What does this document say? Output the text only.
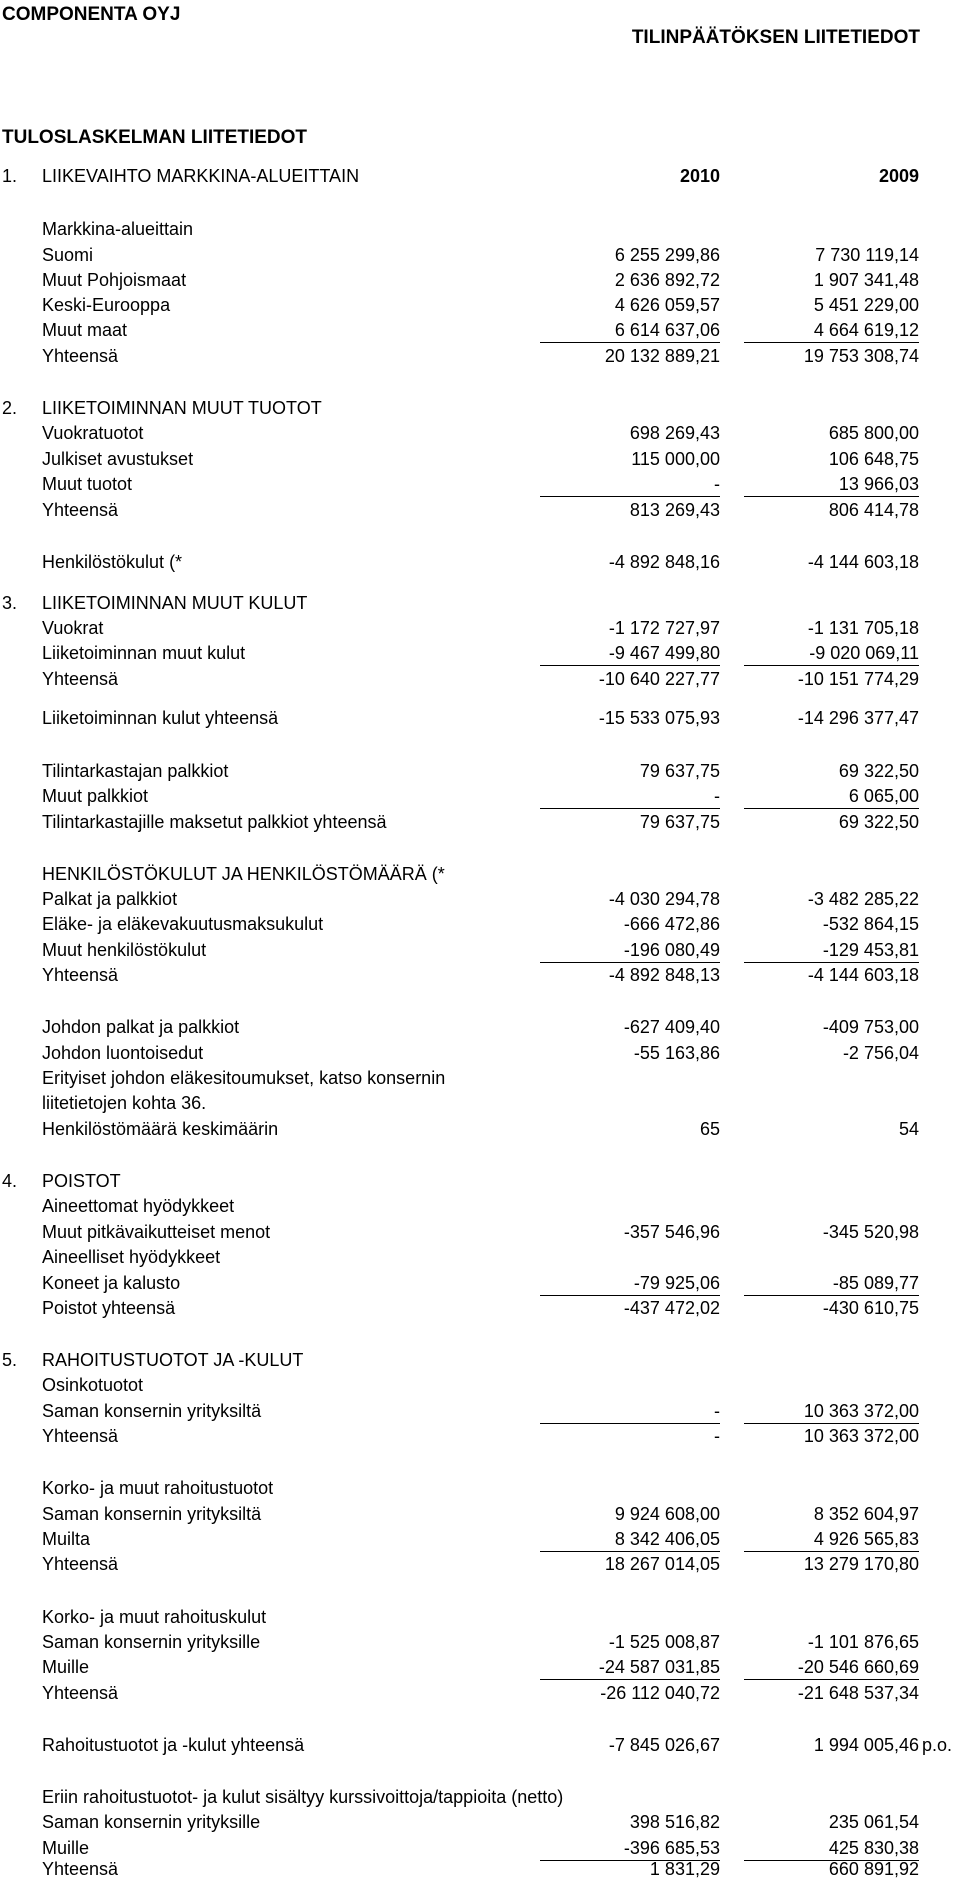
COMPONENTA OYJ
TILINPÄÄTÖKSEN LIITETIEDOT
TULOSLASKELMAN LIITETIEDOT
1.	LIIKEVAIHTO MARKKINA-ALUEITTAIN	2010	2009
Markkina-alueittain
Suomi	6 255 299,86	7 730 119,14
Muut Pohjoismaat	2 636 892,72	1 907 341,48
Keski-Eurooppa	4 626 059,57	5 451 229,00
Muut maat	6 614 637,06	4 664 619,12
Yhteensä	20 132 889,21	19 753 308,74
2.	LIIKETOIMINNAN MUUT TUOTOT
Vuokratuotot	698 269,43	685 800,00
Julkiset avustukset	115 000,00	106 648,75
Muut tuotot	-	13 966,03
Yhteensä	813 269,43	806 414,78
Henkilöstökulut (*	-4 892 848,16	-4 144 603,18
3.	LIIKETOIMINNAN MUUT KULUT
Vuokrat	-1 172 727,97	-1 131 705,18
Liiketoiminnan muut kulut	-9 467 499,80	-9 020 069,11
Yhteensä	-10 640 227,77	-10 151 774,29
Liiketoiminnan kulut yhteensä	-15 533 075,93	-14 296 377,47
Tilintarkastajan palkkiot	79 637,75	69 322,50
Muut palkkiot	-	6 065,00
Tilintarkastajille maksetut palkkiot yhteensä	79 637,75	69 322,50
HENKILÖSTÖKULUT JA HENKILÖSTÖMÄÄRÄ (*
Palkat ja palkkiot	-4 030 294,78	-3 482 285,22
Eläke- ja eläkevakuutusmaksukulut	-666 472,86	-532 864,15
Muut henkilöstökulut	-196 080,49	-129 453,81
Yhteensä	-4 892 848,13	-4 144 603,18
Johdon palkat ja palkkiot	-627 409,40	-409 753,00
Johdon luontoisedut	-55 163,86	-2 756,04
Erityiset johdon eläkesitoumukset, katso konsernin
liitetietojen kohta 36.
Henkilöstömäärä keskimäärin	65	54
4.	POISTOT
Aineettomat hyödykkeet
Muut pitkävaikutteiset menot	-357 546,96	-345 520,98
Aineelliset hyödykkeet
Koneet ja kalusto	-79 925,06	-85 089,77
Poistot yhteensä	-437 472,02	-430 610,75
5.	RAHOITUSTUOTOT JA -KULUT
Osinkotuotot
Saman konsernin yrityksiltä	-	10 363 372,00
Yhteensä	-	10 363 372,00
Korko- ja muut rahoitustuotot
Saman konsernin yrityksiltä	9 924 608,00	8 352 604,97
Muilta	8 342 406,05	4 926 565,83
Yhteensä	18 267 014,05	13 279 170,80
Korko- ja muut rahoituskulut
Saman konsernin yrityksille	-1 525 008,87	-1 101 876,65
Muille	-24 587 031,85	-20 546 660,69
Yhteensä	-26 112 040,72	-21 648 537,34
Rahoitustuotot ja -kulut yhteensä	-7 845 026,67	1 994 005,46 p.o.
Eriin rahoitustuotot- ja kulut sisältyy kurssivoittoja/tappioita (netto)
Saman konsernin yrityksille	398 516,82	235 061,54
Muille	-396 685,53	425 830,38
Yhteensä	1 831,29	660 891,92
